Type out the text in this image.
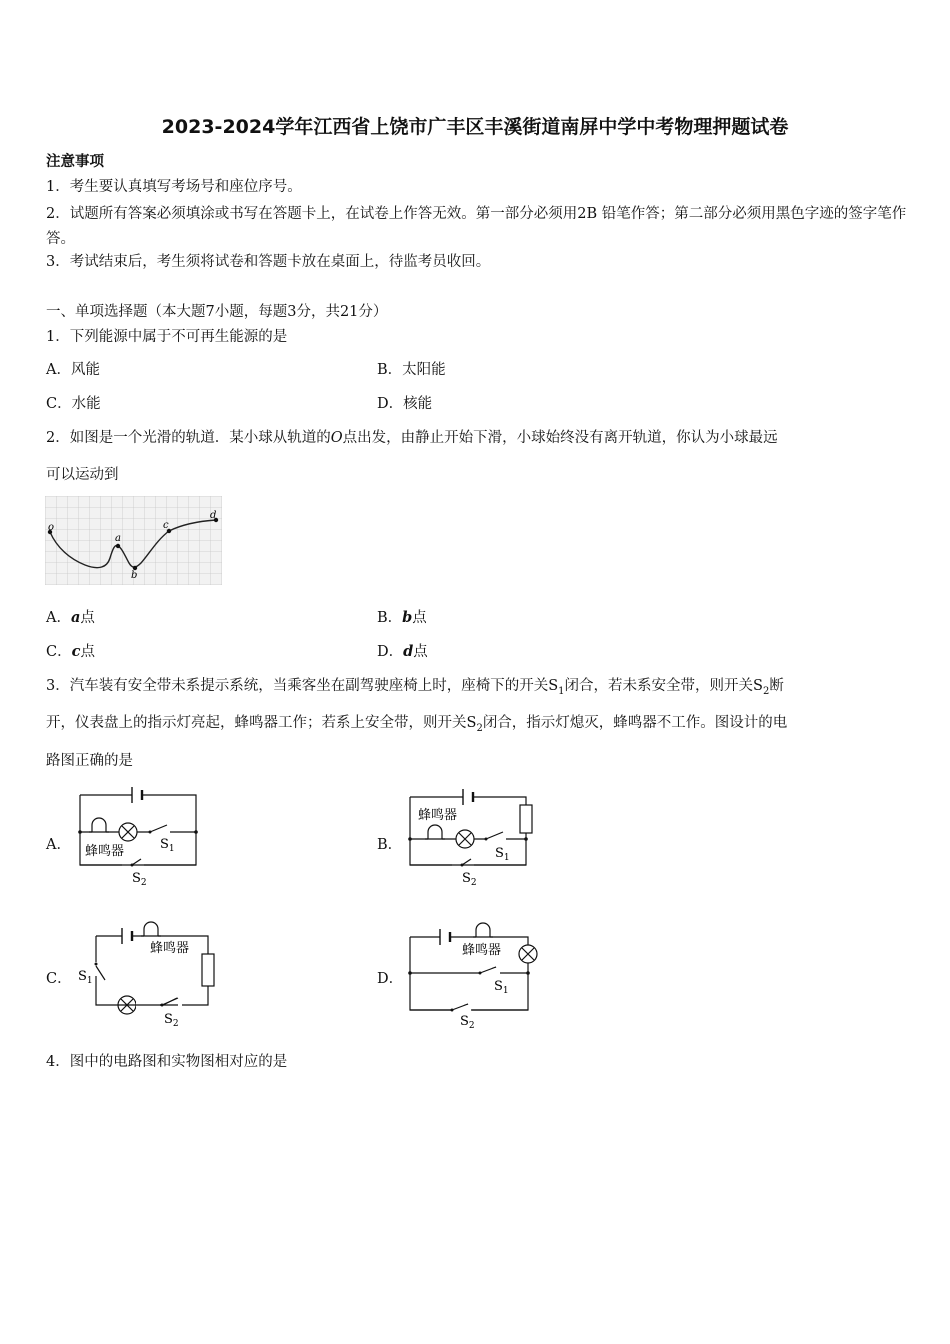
2023-2024学年江西省上饶市广丰区丰溪街道南屏中学中考物理押题试卷
注意事项
1．考生要认真填写考场号和座位序号。
2．试题所有答案必须填涂或书写在答题卡上，在试卷上作答无效。第一部分必须用2B 铅笔作答；第二部分必须用黑色字迹的签字笔作答。
3．考试结束后，考生须将试卷和答题卡放在桌面上，待监考员收回。
一、单项选择题（本大题7小题，每题3分，共21分）
1．下列能源中属于不可再生能源的是
A．风能	B．太阳能
C．水能	D．核能
2．如图是一个光滑的轨道．某小球从轨道的O点出发，由静止开始下滑，小球始终没有离开轨道，你认为小球最远
可以运动到
o
a
b
c
d
A．a点	B．b点
C．c点	D．d点
3．汽车装有安全带未系提示系统，当乘客坐在副驾驶座椅上时，座椅下的开关$S_1$闭合，若未系安全带，则开关$S_2$断
开，仪表盘上的指示灯亮起，蜂鸣器工作；若系上安全带，则开关$S_2$闭合，指示灯熄灭，蜂鸣器不工作。图设计的电
路图正确的是
A．	B．
C．	D．
蜂鸣器	$S_1$
$S_2$
蜂鸣器
$S_1$
$S_2$
蜂鸣器
$S_1$
$S_2$
蜂鸣器
$S_1$
$S_2$
4．图中的电路图和实物图相对应的是
